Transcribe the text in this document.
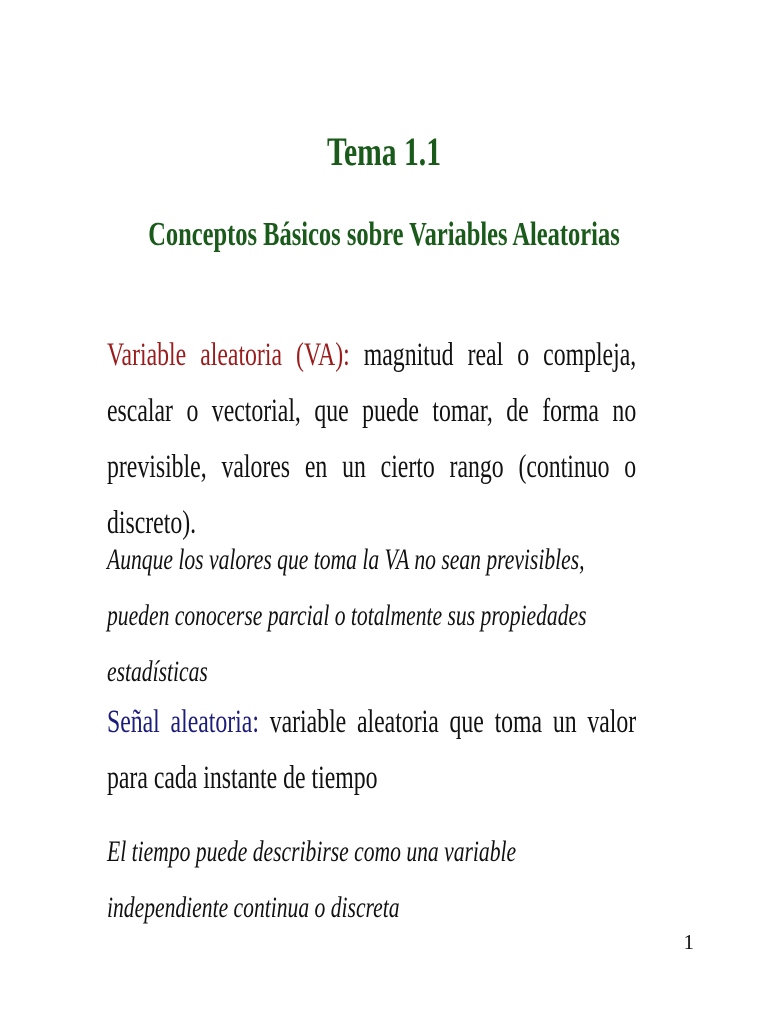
Tema 1.1
Conceptos Básicos sobre Variables Aleatorias
Variable aleatoria (VA): magnitud real o compleja, escalar o vectorial, que puede tomar, de forma no previsible, valores en un cierto rango (continuo o discreto).
Aunque los valores que toma la VA no sean previsibles, pueden conocerse parcial o totalmente sus propiedades estadísticas
Señal aleatoria: variable aleatoria que toma un valor para cada instante de tiempo
El tiempo puede describirse como una variable independiente continua o discreta
1
